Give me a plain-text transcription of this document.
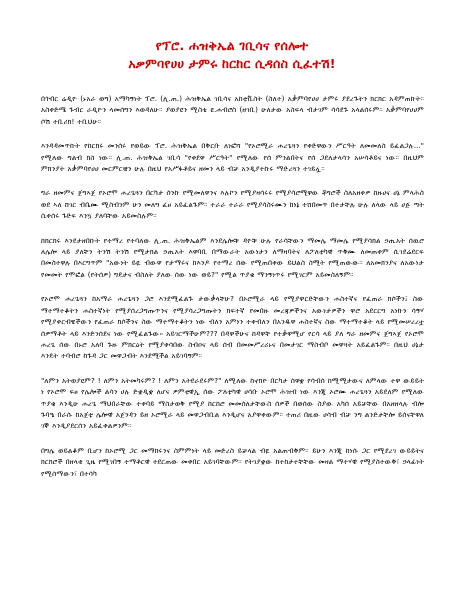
የፕሮ. ሐዝቅኤል ገቢሳና የሰሎተ
አቃምባየሀሀ ታምሩ ከርከር ሲዳሰስ ሲፈተሽ!

በጎብር ሬዲዮ (ኑአራ ወግ) አማካኝነት ፕሮ. (ሊ.ጠ.) ሕዝቅኤል ገቢሳና አከቲቪስት (ስለተ) አቃምባየሀሀ ታምሩ ያደረጉትን ክርክር አዳምጠኩት። አስቀድሜ ጉብር ራዲዮን ላመሰግን እወዳለሁ። ያወያዩን ሚስቴ ዩ.ሐብሮስ (ዘገቢ) ሁለታው አስፍላ ብታገም ሳሳደጉ አላልሰሩም። አቃምባየሀሀም ሶሽ ተቢሪክ! ተቢህሁ።

እንዳዳመጥኩት የከርክሩ መንሰሩ የወይው ፕሮ. ሕዝቅኤል በቅርቡ ለነፎሻ "የኦሮሚራ ሐረጌጓን የቀድዋውን ሥርዓት ለመመለስ ይፈልጋሉ..." የሚለው ግልብ ክስ ነው። ሊ.ጠ. ሕዝቅኤል ገቢሳ "የቀደዋ ሥርዓት" የሚለው የሰ ምንልበትና የሰ ጋደለታላሳን አሠሳቶይና ነው። በዚህም ምክንያት አቃምባየሀሀ መርምርቼን ሁሉ በዚህ የአሥፋቶይና ዘመን ላይ ብቻ አንዲያተኩሩ ማድረጓን ተገይሏ።

ግራ ዘመምና ጀግኣጀ የኦሮሞ ሐረጌጓን በርካታ ሰንኩ የሚመለዋንና እሉኮን የሚያዛሳሩሩ የሚያሳሮሚዋው ቾግሮች ስለአዘቀዎ ከዙሀና ሀኔ ምላሕስ ወደ ኣለ ሸገር ብቤሙ ሚስብንም ሁን መለግ ፈፀ አይፈልጉም። ተራራ ተራራ የሚያሳስሩሙን ከነኔ ተሸበመጥ በተታቸሉ ሁሉ ለላው ላይ ሀጅ ጣት ሲቀሰሩ ጉድፍ እንኳ ያለባቸው አይመስሉም።

ከክርክሩ እንደታዘበኩት የተማረ የተባለው ሊ.ጠ. ሕዝቅኤልም እንደሌሎቹ ዳዮቹ ሁሉ የራሳቸውን ማመሌ ማመሌ የሚያሳክል ኃጢአት ሰዉሮ ለሌሎ ላይ ያለቸን ትንሽ ትንሽ የሚታክል ኃጢአት እዋባቢ በማውራት አውነታን ለማዛባትና ለፖለቲካዊ ጥቅሙ ለመጠቀም ሲገደሬደርፍ በመስተዋሉ በእርግጥም "አውነት ይዪ ብውዋ የታማሩና ከእንዶ የተማረ ሰው የሚጠበቀው ይህልስ ስሚት የሚጠውው። ለአመክንያና ለአውነታ የመመት የሞፎል (የትሰዎ) ግዴታና ብስለት ያለው ሰው ነው ወይ?" የሚል ጥያቄ ማንኝነጥሩ የሚገርም አይመስለኝም።

የኦሮሞ ሐረጌጓን ከአማራ ሐረጌጓን ጋሮ እንደሚፈልጉ ታውቃላቸሁ? በኦሮሚራ ላይ የሚያዋርድቸውን ሐስተኛና የፈጠራ ክሶችን፤ ስው ማተማተቆትን ሐስተኛነት የሚያሰረጋግጡጥንና የሚያሳረጋግጡትን ክፍተኛ የመበዙ መረጃዎችንና አውነታዎችን ዋሮ አደርርግ አነኩን ሳኝሃ የሚያቀርብዌችውን የፈጠራ ክሶችንና ስው ማተማተቆትን ነው ብለን አምነን ተቀብለን በአንዱዋ ሐስተኛና ስው ማተማተቆት ላይ የሚመሠረረቷ ሰዎማቶት ላይ እንድንሰደና ነው የሚፈልጉው፡፡ አይገርማችሁም??? በዳዋችሁና ከዳዋቸ የተቃዋሚሆ የርሳ ላይ ያለ ግራ ዘመምና ጀግኣጀ የኦሮሞ ሐረጌ ሰው በኑሮ አለባ ጉዙ ምክርዕት የሚያቀሳበው ስብዐና ላይ ሰብ በመመሥረሪኑና በመታገር ማስብቦ መዋጓት አይፈልጉም። በዚህ ሀኔታ እንዴት ተባብሮ ከጉዳ ጋር መዋጋብት እንደሚችል አይገባኝም።

"ለምን አትወያዩም? ! ለምን አትመካሩም? ! ለምን አትደራደሩም?" ለሚለው ከኖክዮ በርካታ ሰዋቋ የሳብሰ ከሚሚታውና ለምላው ተዋ ውይይት ነ የኦሮሞ ፍፀ የሌሎች ልሳን ሀሉ ድቋዲቋ ለሆና ዎምቲዊኢ ሰው ፖለቲካዊ ሀሳቡ ኦሮሞ ሕዝብ ነው እንጂ ኦሮሙ ሐረጌጓን አይደለም የሚለው ጥያቄ እንዲሁ ሐረጌ ማህበራቸው ተቀባይ ማስታወቅ የሚያ ከርከሮ መመሰለታቸውስ ሰዎች በወሰው ስያው አካሰ አይቻቸው በአዘዘላሉ ብሎ ጉባዔ በራሱ ከአጀቲ ሌሎዊ አጀንዳን ይዘ ኦሮሚራ ላይ መዋጋብቢል እንዲሆና አያዋቀውም። ተጠሪ በዚው ሀሳብ ብቻ ንግ ልንድታቸሎ ይሰናቸዋለ ገኞ እንዲያደርሰን አይፈቀልዎንም።

በግሌ ወይልቆም ቢሆን ከኦሮሚ ጋር መማከሩንና ስምምነት ላይ መድረስ ይቻላል ብዬ አልጠብቅም። ይሁን እንጂ ከነሱ ጋር የሚደረገ ውይይትና ክርክሮች በዘላቂ ጊዜ የሚገበኝ ተማቶርዊ ተደርጠው መቀበር አይገባቸውም። የትገያቋው ከተከታተቸቸው መዛል ማተሃዊ የሚያስተውቅ፣ ኃላፊነት የሚሰማውን፣ በተሳካ
